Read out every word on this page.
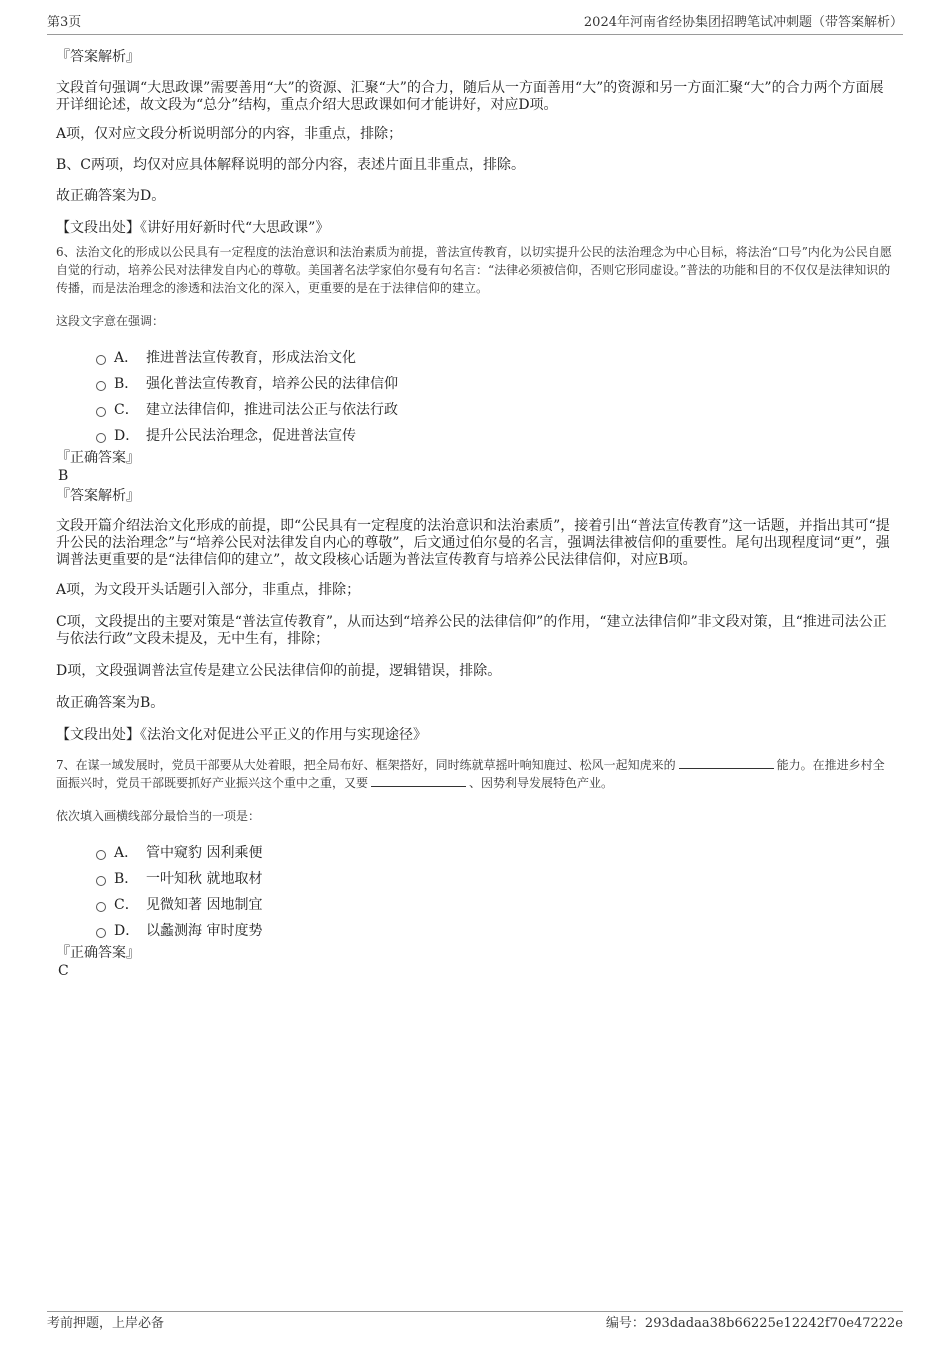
第3页	2024年河南省经协集团招聘笔试冲刺题（带答案解析）

『答案解析』

文段首句强调“大思政课”需要善用“大”的资源、汇聚“大”的合力，随后从一方面善用“大”的资源和另一方面汇聚“大”的合力两个方面展开详细论述，故文段为“总分”结构，重点介绍大思政课如何才能讲好，对应D项。

A项，仅对应文段分析说明部分的内容，非重点，排除；

B、C两项，均仅对应具体解释说明的部分内容，表述片面且非重点，排除。

故正确答案为D。

【文段出处】《讲好用好新时代“大思政课”》

6、法治文化的形成以公民具有一定程度的法治意识和法治素质为前提，普法宣传教育，以切实提升公民的法治理念为中心目标，将法治“口号”内化为公民自愿自觉的行动，培养公民对法律发自内心的尊敬。美国著名法学家伯尔曼有句名言：“法律必须被信仰，否则它形同虚设。”普法的功能和目的不仅仅是法律知识的传播，而是法治理念的渗透和法治文化的深入，更重要的是在于法律信仰的建立。

这段文字意在强调：

A． 推进普法宣传教育，形成法治文化
B． 强化普法宣传教育，培养公民的法律信仰
C． 建立法律信仰，推进司法公正与依法行政
D． 提升公民法治理念，促进普法宣传

『正确答案』

B

『答案解析』

文段开篇介绍法治文化形成的前提，即“公民具有一定程度的法治意识和法治素质”，接着引出“普法宣传教育”这一话题，并指出其可“提升公民的法治理念”与“培养公民对法律发自内心的尊敬”，后文通过伯尔曼的名言，强调法律被信仰的重要性。尾句出现程度词“更”，强调普法更重要的是“法律信仰的建立”，故文段核心话题为普法宣传教育与培养公民法律信仰，对应B项。

A项，为文段开头话题引入部分，非重点，排除；

C项，文段提出的主要对策是“普法宣传教育”，从而达到“培养公民的法律信仰”的作用，“建立法律信仰”非文段对策，且“推进司法公正与依法行政”文段未提及，无中生有，排除；

D项，文段强调普法宣传是建立公民法律信仰的前提，逻辑错误，排除。

故正确答案为B。

【文段出处】《法治文化对促进公平正义的作用与实现途径》

7、在谋一域发展时，党员干部要从大处着眼，把全局布好、框架搭好，同时练就草摇叶响知鹿过、松风一起知虎来的	能力。在推进乡村全面振兴时，党员干部既要抓好产业振兴这个重中之重，又要	、因势利导发展特色产业。

依次填入画横线部分最恰当的一项是：

A． 管中窥豹 因利乘便
B． 一叶知秋 就地取材
C． 见微知著 因地制宜
D． 以蠡测海 审时度势

『正确答案』

C

考前押题，上岸必备	编号：293dadaa38b66225e12242f70e47222e
